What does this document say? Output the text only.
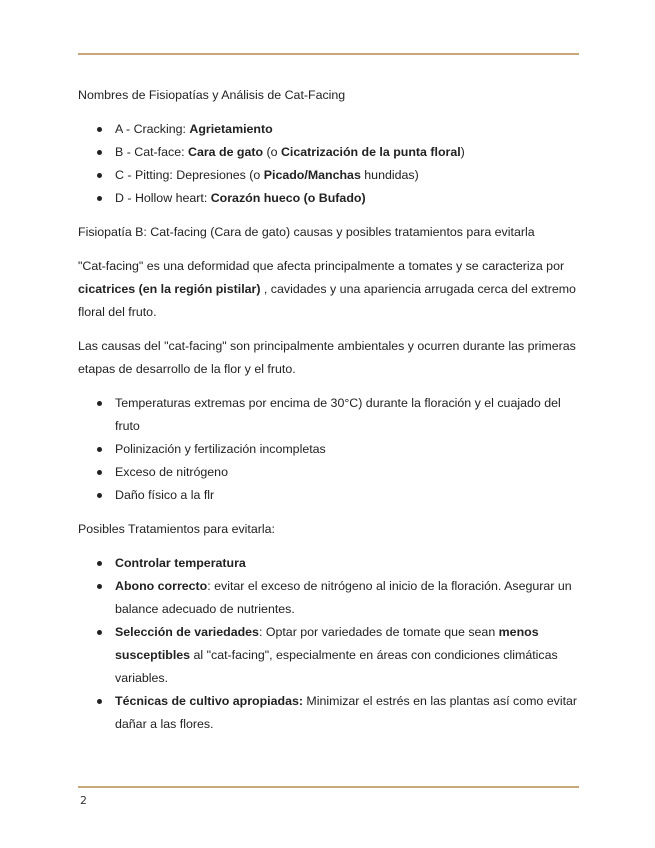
Nombres de Fisiopatías y Análisis de Cat-Facing

A - Cracking: Agrietamiento
B - Cat-face: Cara de gato (o Cicatrización de la punta floral)
C - Pitting: Depresiones (o Picado/Manchas hundidas)
D - Hollow heart: Corazón hueco (o Bufado)

Fisiopatía B: Cat-facing (Cara de gato) causas y posibles tratamientos para evitarla

"Cat-facing" es una deformidad que afecta principalmente a tomates y se caracteriza por cicatrices (en la región pistilar) , cavidades y una apariencia arrugada cerca del extremo floral del fruto.

Las causas del "cat-facing" son principalmente ambientales y ocurren durante las primeras etapas de desarrollo de la flor y el fruto.

Temperaturas extremas por encima de 30°C) durante la floración y el cuajado del fruto
Polinización y fertilización incompletas
Exceso de nitrógeno
Daño físico a la flr

Posibles Tratamientos para evitarla:

Controlar temperatura
Abono correcto: evitar el exceso de nitrógeno al inicio de la floración. Asegurar un balance adecuado de nutrientes.
Selección de variedades: Optar por variedades de tomate que sean menos susceptibles al "cat-facing", especialmente en áreas con condiciones climáticas variables.
Técnicas de cultivo apropiadas: Minimizar el estrés en las plantas así como evitar dañar a las flores.
2
